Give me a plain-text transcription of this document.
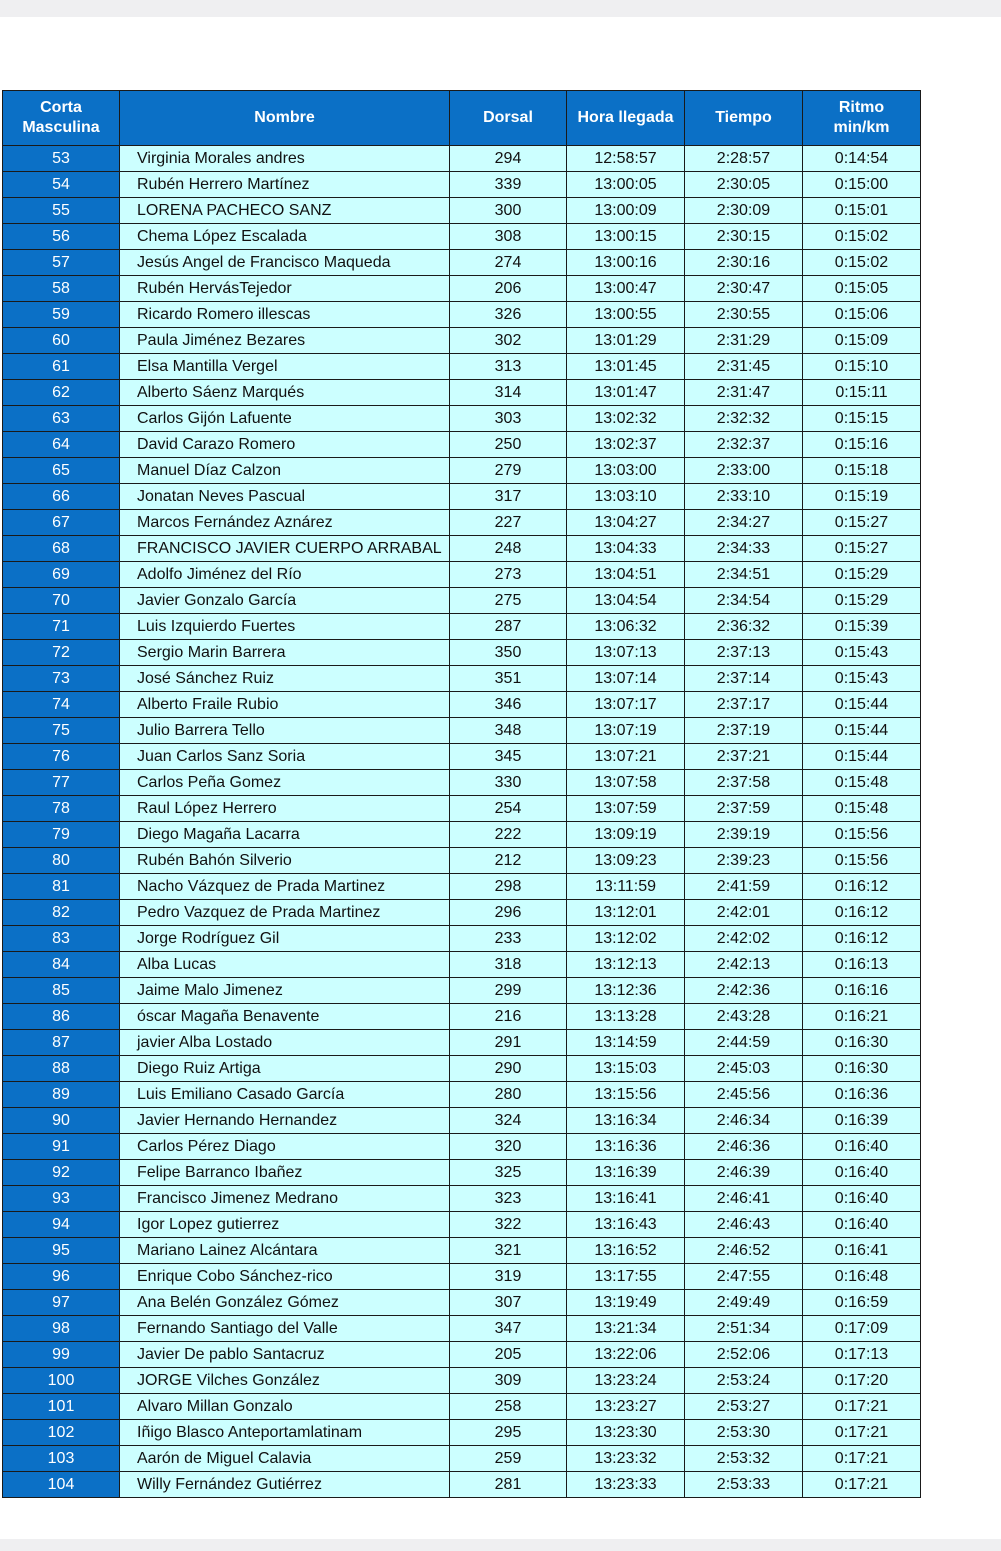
Corta
Masculina	Nombre	Dorsal	Hora llegada	Tiempo	Ritmo
min/km
53	Virginia Morales andres	294	12:58:57	2:28:57	0:14:54
54	Rubén Herrero Martínez	339	13:00:05	2:30:05	0:15:00
55	LORENA PACHECO SANZ	300	13:00:09	2:30:09	0:15:01
56	Chema López Escalada	308	13:00:15	2:30:15	0:15:02
57	Jesús Angel de Francisco Maqueda	274	13:00:16	2:30:16	0:15:02
58	Rubén HervásTejedor	206	13:00:47	2:30:47	0:15:05
59	Ricardo Romero illescas	326	13:00:55	2:30:55	0:15:06
60	Paula Jiménez Bezares	302	13:01:29	2:31:29	0:15:09
61	Elsa Mantilla Vergel	313	13:01:45	2:31:45	0:15:10
62	Alberto Sáenz Marqués	314	13:01:47	2:31:47	0:15:11
63	Carlos Gijón Lafuente	303	13:02:32	2:32:32	0:15:15
64	David Carazo Romero	250	13:02:37	2:32:37	0:15:16
65	Manuel Díaz Calzon	279	13:03:00	2:33:00	0:15:18
66	Jonatan Neves Pascual	317	13:03:10	2:33:10	0:15:19
67	Marcos Fernández Aznárez	227	13:04:27	2:34:27	0:15:27
68	FRANCISCO JAVIER CUERPO ARRABAL	248	13:04:33	2:34:33	0:15:27
69	Adolfo Jiménez del Río	273	13:04:51	2:34:51	0:15:29
70	Javier Gonzalo García	275	13:04:54	2:34:54	0:15:29
71	Luis Izquierdo Fuertes	287	13:06:32	2:36:32	0:15:39
72	Sergio Marin Barrera	350	13:07:13	2:37:13	0:15:43
73	José Sánchez Ruiz	351	13:07:14	2:37:14	0:15:43
74	Alberto Fraile Rubio	346	13:07:17	2:37:17	0:15:44
75	Julio Barrera Tello	348	13:07:19	2:37:19	0:15:44
76	Juan Carlos Sanz Soria	345	13:07:21	2:37:21	0:15:44
77	Carlos Peña Gomez	330	13:07:58	2:37:58	0:15:48
78	Raul López Herrero	254	13:07:59	2:37:59	0:15:48
79	Diego Magaña Lacarra	222	13:09:19	2:39:19	0:15:56
80	Rubén Bahón Silverio	212	13:09:23	2:39:23	0:15:56
81	Nacho Vázquez de Prada Martinez	298	13:11:59	2:41:59	0:16:12
82	Pedro Vazquez de Prada Martinez	296	13:12:01	2:42:01	0:16:12
83	Jorge Rodríguez Gil	233	13:12:02	2:42:02	0:16:12
84	Alba Lucas	318	13:12:13	2:42:13	0:16:13
85	Jaime Malo Jimenez	299	13:12:36	2:42:36	0:16:16
86	óscar Magaña Benavente	216	13:13:28	2:43:28	0:16:21
87	javier Alba Lostado	291	13:14:59	2:44:59	0:16:30
88	Diego Ruiz Artiga	290	13:15:03	2:45:03	0:16:30
89	Luis Emiliano Casado García	280	13:15:56	2:45:56	0:16:36
90	Javier Hernando Hernandez	324	13:16:34	2:46:34	0:16:39
91	Carlos Pérez Diago	320	13:16:36	2:46:36	0:16:40
92	Felipe Barranco Ibañez	325	13:16:39	2:46:39	0:16:40
93	Francisco Jimenez Medrano	323	13:16:41	2:46:41	0:16:40
94	Igor Lopez gutierrez	322	13:16:43	2:46:43	0:16:40
95	Mariano Lainez Alcántara	321	13:16:52	2:46:52	0:16:41
96	Enrique Cobo Sánchez-rico	319	13:17:55	2:47:55	0:16:48
97	Ana Belén González Gómez	307	13:19:49	2:49:49	0:16:59
98	Fernando Santiago del Valle	347	13:21:34	2:51:34	0:17:09
99	Javier De pablo Santacruz	205	13:22:06	2:52:06	0:17:13
100	JORGE Vilches González	309	13:23:24	2:53:24	0:17:20
101	Alvaro Millan Gonzalo	258	13:23:27	2:53:27	0:17:21
102	Iñigo Blasco Anteportamlatinam	295	13:23:30	2:53:30	0:17:21
103	Aarón de Miguel Calavia	259	13:23:32	2:53:32	0:17:21
104	Willy Fernández Gutiérrez	281	13:23:33	2:53:33	0:17:21
